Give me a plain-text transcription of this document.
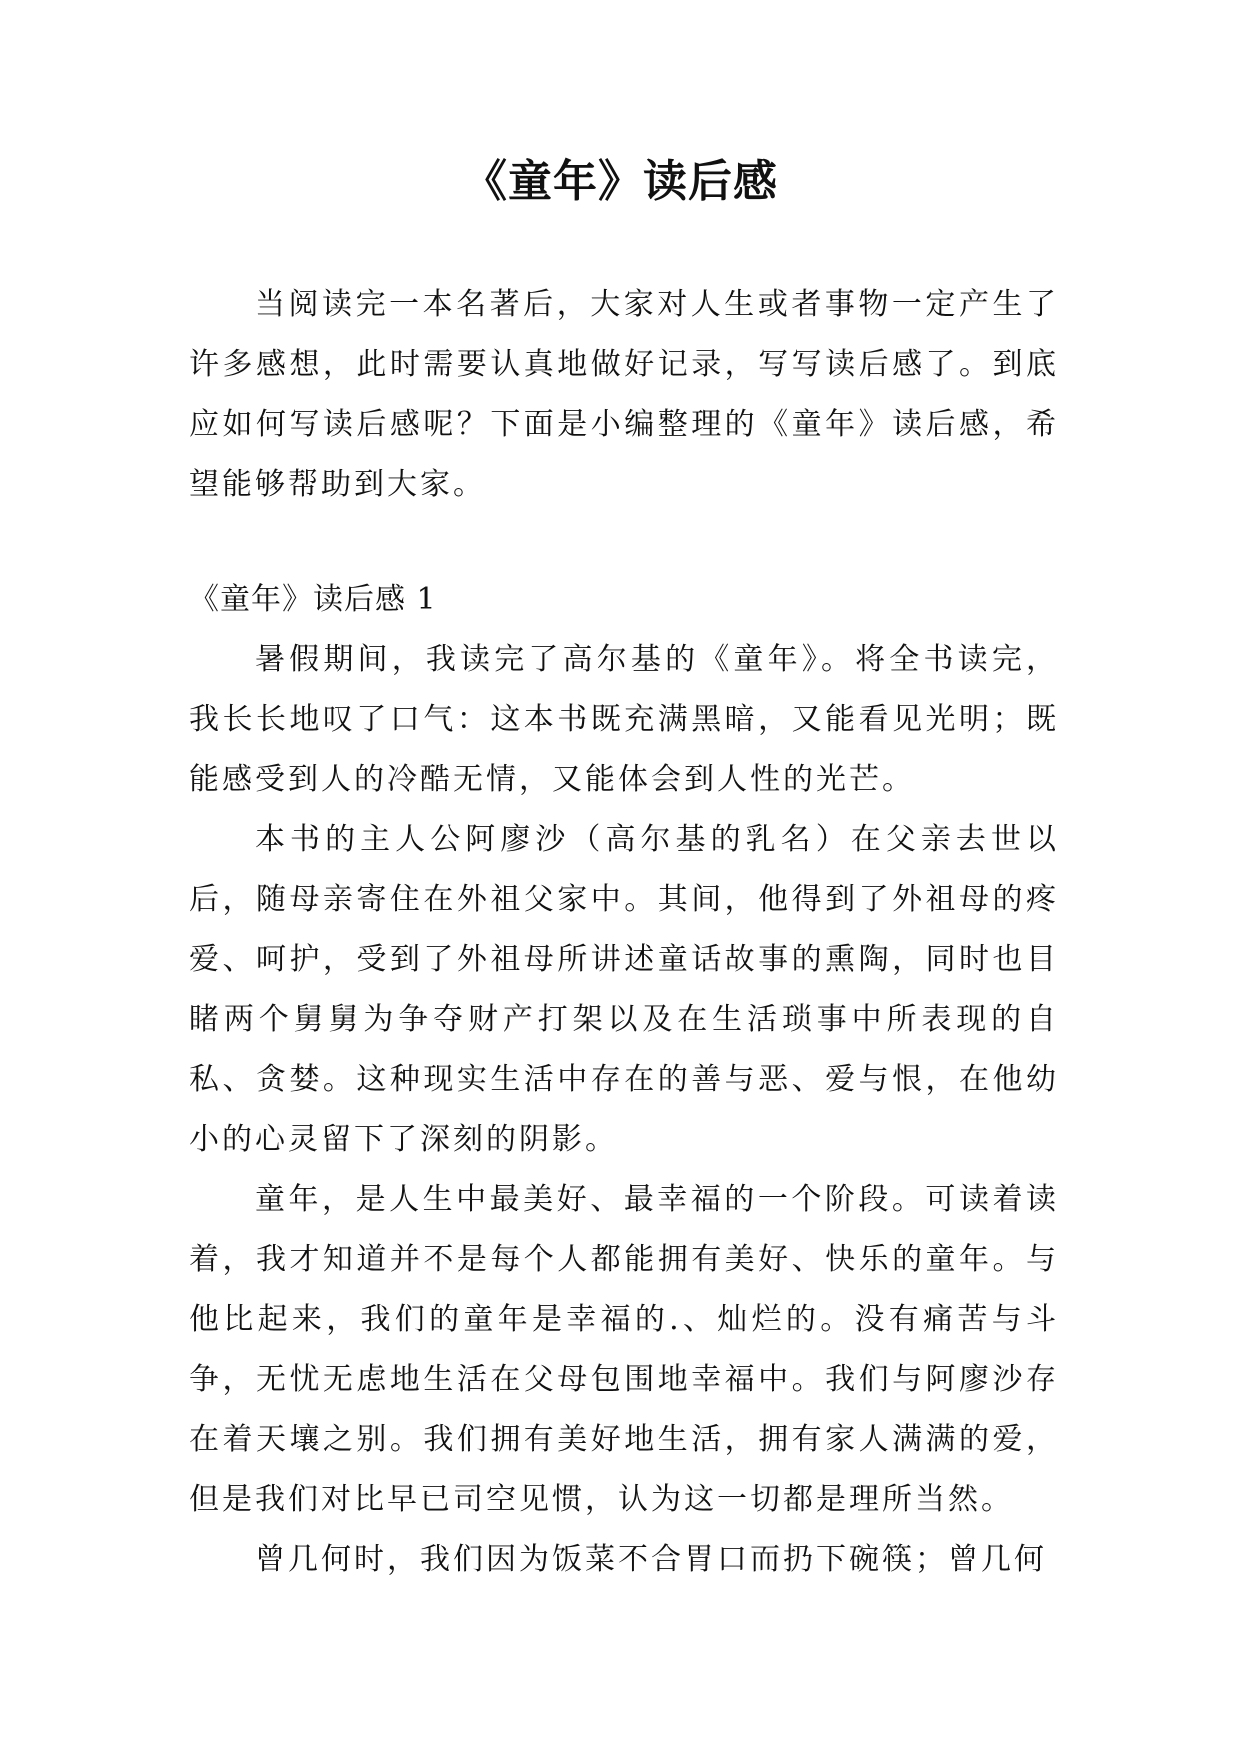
《童年》读后感

当阅读完一本名著后，大家对人生或者事物一定产生了许多感想，此时需要认真地做好记录，写写读后感了。到底应如何写读后感呢？下面是小编整理的《童年》读后感，希望能够帮助到大家。

《童年》读后感 1

暑假期间，我读完了高尔基的《童年》。将全书读完，我长长地叹了口气：这本书既充满黑暗，又能看见光明；既能感受到人的冷酷无情，又能体会到人性的光芒。

本书的主人公阿廖沙（高尔基的乳名）在父亲去世以后，随母亲寄住在外祖父家中。其间，他得到了外祖母的疼爱、呵护，受到了外祖母所讲述童话故事的熏陶，同时也目睹两个舅舅为争夺财产打架以及在生活琐事中所表现的自私、贪婪。这种现实生活中存在的善与恶、爱与恨，在他幼小的心灵留下了深刻的阴影。

童年，是人生中最美好、最幸福的一个阶段。可读着读着，我才知道并不是每个人都能拥有美好、快乐的童年。与他比起来，我们的童年是幸福的.、灿烂的。没有痛苦与斗争，无忧无虑地生活在父母包围地幸福中。我们与阿廖沙存在着天壤之别。我们拥有美好地生活，拥有家人满满的爱，但是我们对比早已司空见惯，认为这一切都是理所当然。

曾几何时，我们因为饭菜不合胃口而扔下碗筷；曾几何
